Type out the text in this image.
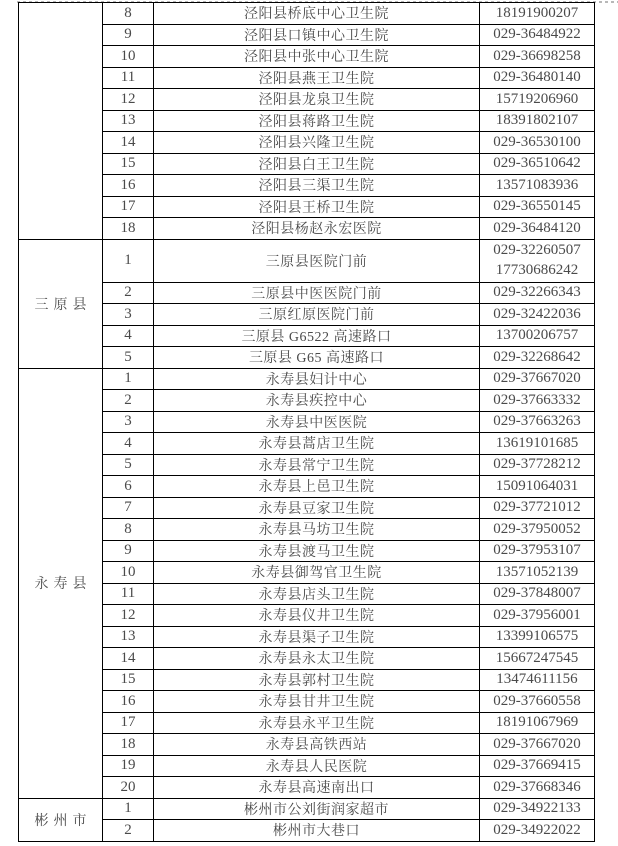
	8	泾阳县桥底中心卫生院	18191900207

	9	泾阳县口镇中心卫生院	029-36484922

	10	泾阳县中张中心卫生院	029-36698258

	11	泾阳县燕王卫生院	029-36480140

	12	泾阳县龙泉卫生院	15719206960

	13	泾阳县蒋路卫生院	18391802107

	14	泾阳县兴隆卫生院	029-36530100

	15	泾阳县白王卫生院	029-36510642

	16	泾阳县三渠卫生院	13571083936

	17	泾阳县王桥卫生院	029-36550145

	18	泾阳县杨赵永宏医院	029-36484120

三原县	1	三原县医院门前	029-32260507
17730686242

	2	三原县中医医院门前	029-32266343

	3	三原红原医院门前	029-32422036

	4	三原县 G6522 高速路口	13700206757

	5	三原县 G65 高速路口	029-32268642

永寿县	1	永寿县妇计中心	029-37667020

	2	永寿县疾控中心	029-37663332

	3	永寿县中医医院	029-37663263

	4	永寿县蒿店卫生院	13619101685

	5	永寿县常宁卫生院	029-37728212

	6	永寿县上邑卫生院	15091064031

	7	永寿县豆家卫生院	029-37721012

	8	永寿县马坊卫生院	029-37950052

	9	永寿县渡马卫生院	029-37953107

	10	永寿县御驾官卫生院	13571052139

	11	永寿县店头卫生院	029-37848007

	12	永寿县仪井卫生院	029-37956001

	13	永寿县渠子卫生院	13399106575

	14	永寿县永太卫生院	15667247545

	15	永寿县郭村卫生院	13474611156

	16	永寿县甘井卫生院	029-37660558

	17	永寿县永平卫生院	18191067969

	18	永寿县高铁西站	029-37667020

	19	永寿县人民医院	029-37669415

	20	永寿县高速南出口	029-37668346

彬州市	1	彬州市公刘街润家超市	029-34922133

	2	彬州市大巷口	029-34922022
